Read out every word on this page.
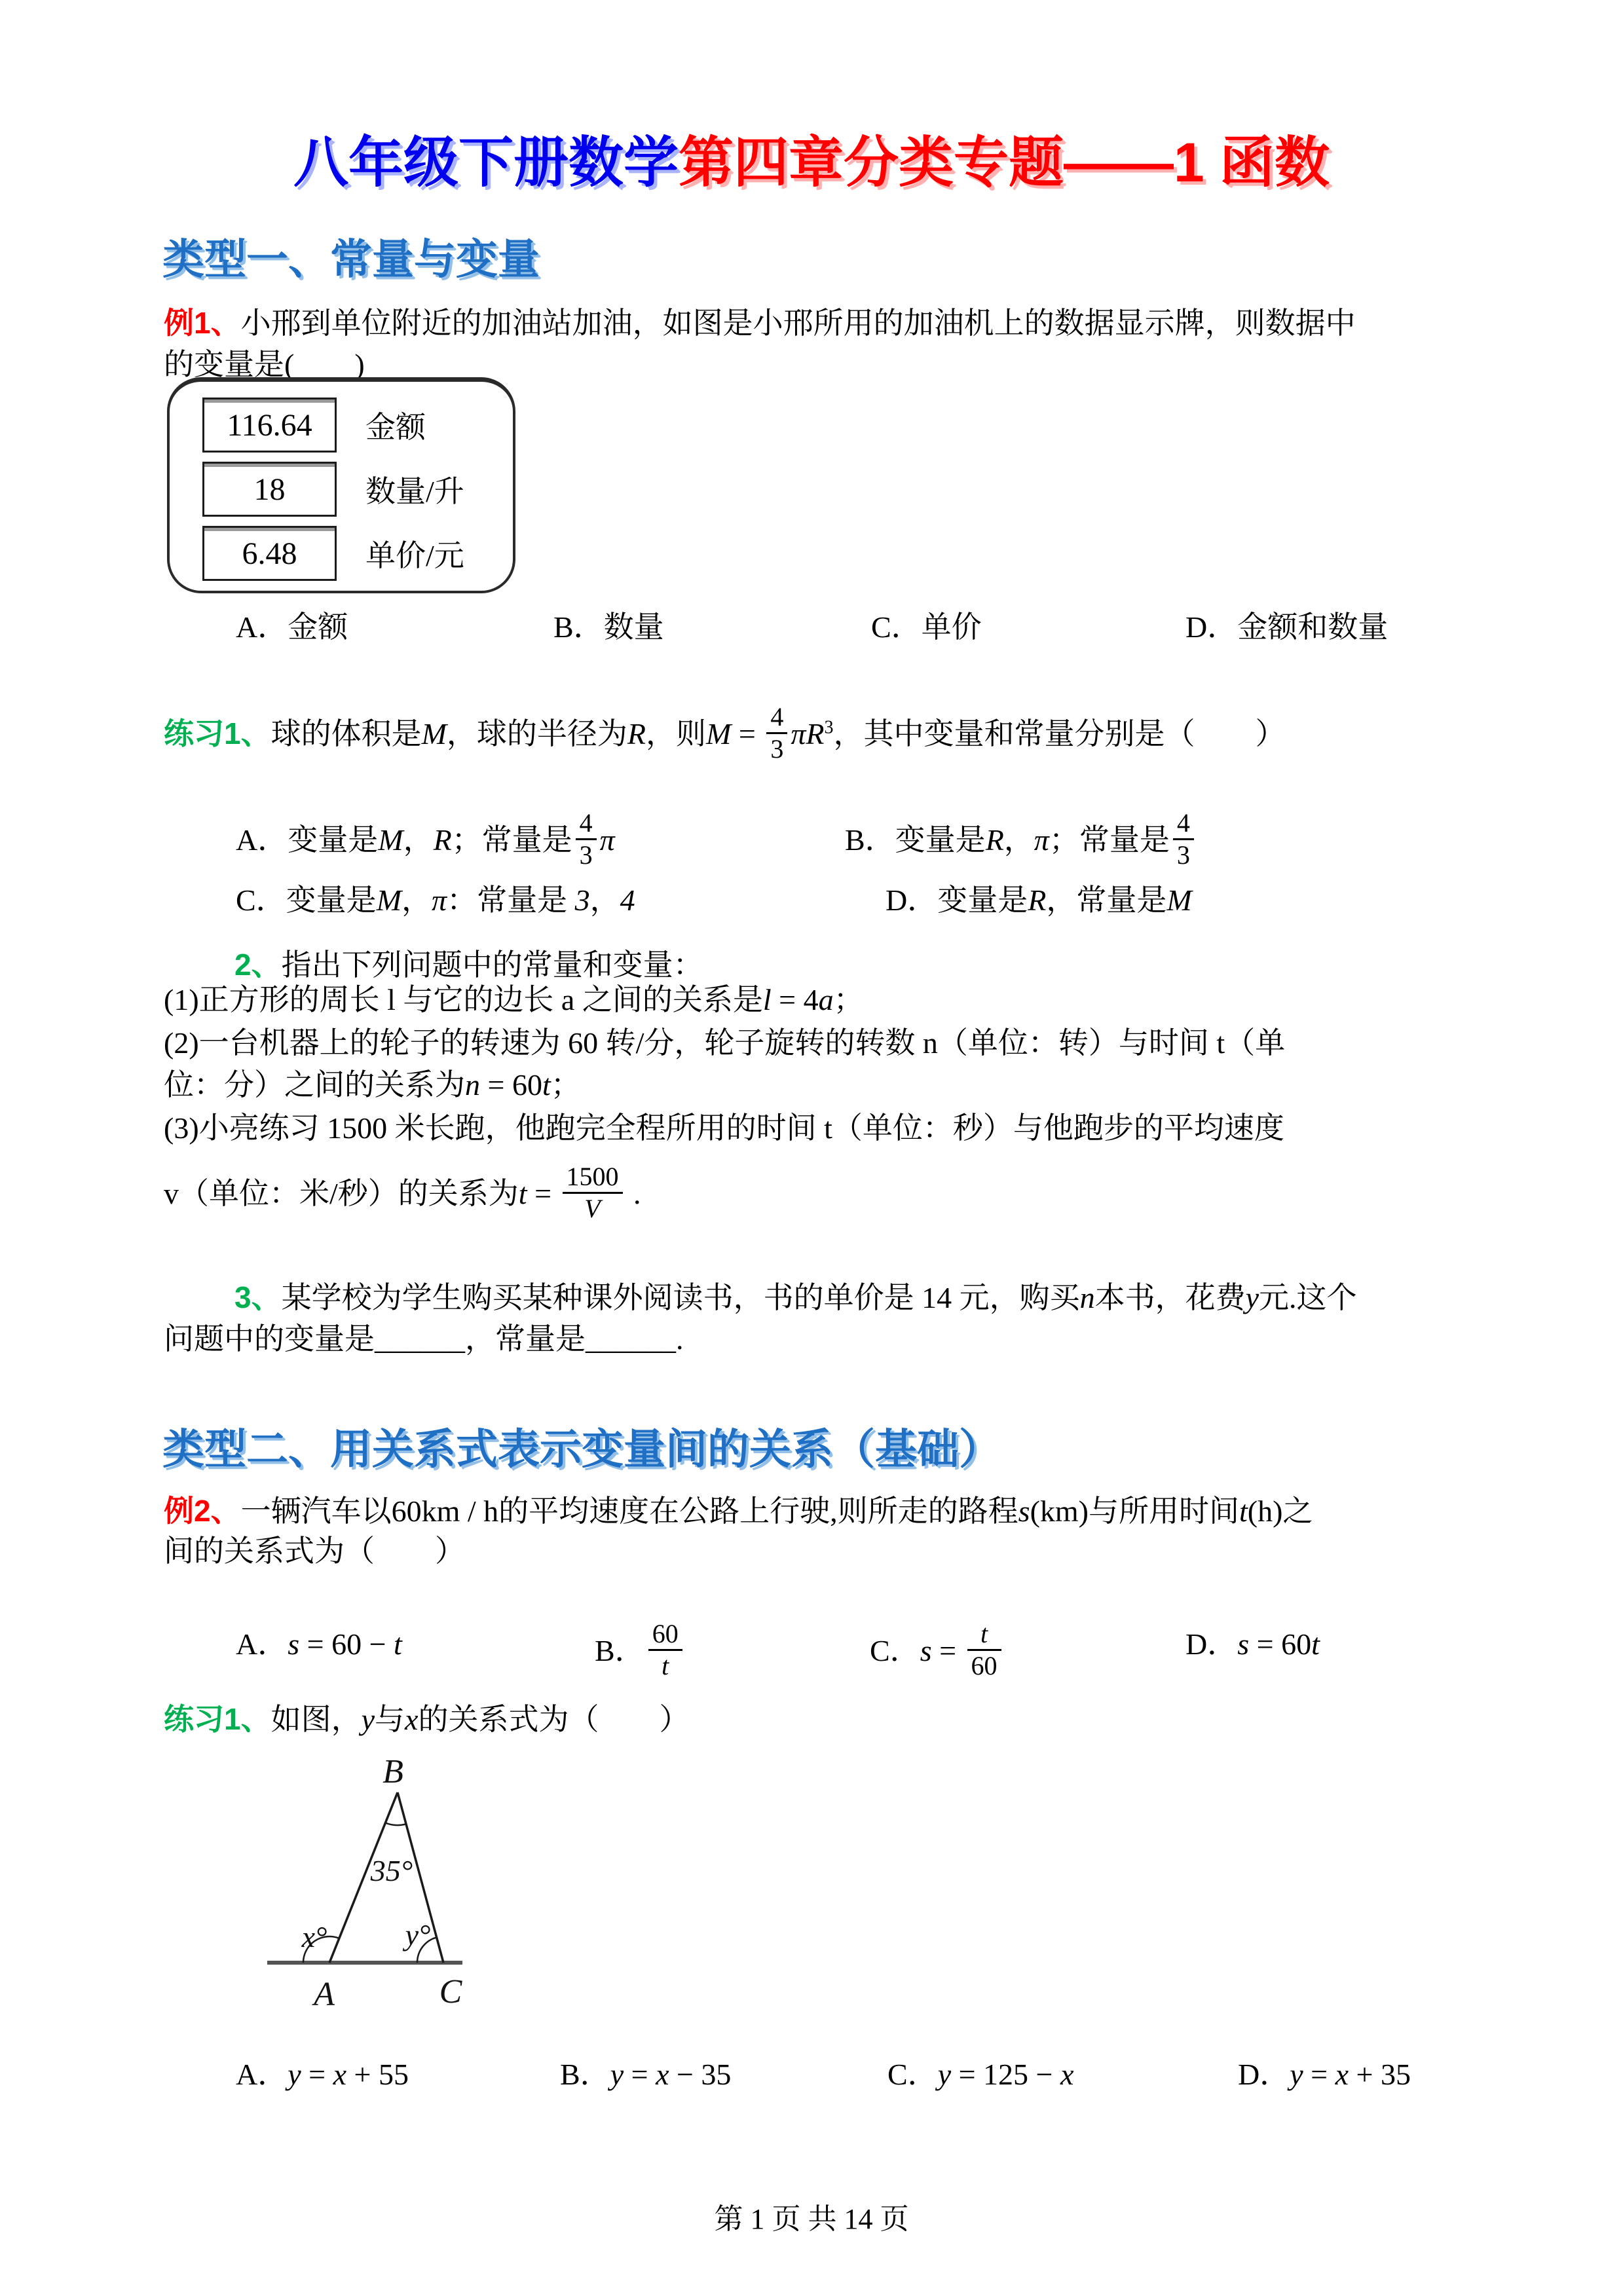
八年级下册数学第四章分类专题——1 函数
类型一、常量与变量
例1、小邢到单位附近的加油站加油，如图是小邢所用的加油机上的数据显示牌，则数据中
的变量是(　　)
116.64 金额
18	数量/升
6.48 单价/元
A．金额	B．数量	C．单价	D．金额和数量
练习1、球的体积是M，球的半径为R，则$M = \frac{4}{3} \pi R^3$，其中变量和常量分别是（　　）
A．变量是M，R；常量是 $\frac{4}{3}$ π	B．变量是R，π；常量是 $\frac{4}{3}$
C．变量是M，π：常量是 3，4	D．变量是R，常量是M
2、指出下列问题中的常量和变量：
(1)正方形的周长 l 与它的边长 a 之间的关系是l = 4a；
(2)一台机器上的轮子的转速为 60 转/分，轮子旋转的转数 n（单位：转）与时间 t（单
位：分）之间的关系为n = 60t；
(3)小亮练习 1500 米长跑，他跑完全程所用的时间 t（单位：秒）与他跑步的平均速度
v（单位：米/秒）的关系为$t = \frac{1500}{V}$ .
3、某学校为学生购买某种课外阅读书，书的单价是 14 元，购买n本书，花费y元.这个
问题中的变量是______，常量是______.
类型二、用关系式表示变量间的关系（基础）
例2、一辆汽车以60km / h的平均速度在公路上行驶,则所走的路程s(km)与所用时间t(h)之
间的关系式为（　　）
A．s = 60 − t	B． $\frac{60}{t}$	C．$s = \frac{t}{60}$	D．s = 60t
练习1、如图，y与x的关系式为（　　）
B
A	C
35°
x°	y°
A．y = x + 55	B．y = x − 35	C．y = 125 − x	D．y = x + 35
第 1 页 共 14 页
